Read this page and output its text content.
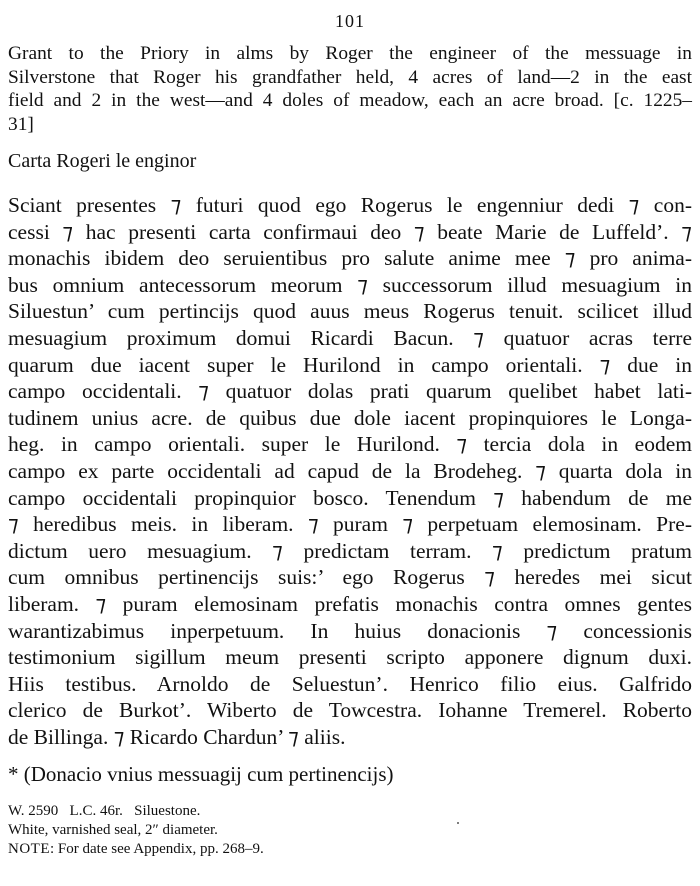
101
Grant to the Priory in alms by Roger the engineer of the messuage in
Silverstone that Roger his grandfather held, 4 acres of land—2 in the east
field and 2 in the west—and 4 doles of meadow, each an acre broad. [c. 1225–
31]
Carta Rogeri le enginor
Sciant presentes ⁊ futuri quod ego Rogerus le engenniur dedi ⁊ con-
cessi ⁊ hac presenti carta confirmaui deo ⁊ beate Marie de Luffeld’. ⁊
monachis ibidem deo seruientibus pro salute anime mee ⁊ pro anima-
bus omnium antecessorum meorum ⁊ successorum illud mesuagium in
Siluestun’ cum pertincijs quod auus meus Rogerus tenuit. scilicet illud
mesuagium proximum domui Ricardi Bacun. ⁊ quatuor acras terre
quarum due iacent super le Hurilond in campo orientali. ⁊ due in
campo occidentali. ⁊ quatuor dolas prati quarum quelibet habet lati-
tudinem unius acre. de quibus due dole iacent propinquiores le Longa-
heg. in campo orientali. super le Hurilond. ⁊ tercia dola in eodem
campo ex parte occidentali ad capud de la Brodeheg. ⁊ quarta dola in
campo occidentali propinquior bosco. Tenendum ⁊ habendum de me
⁊ heredibus meis. in liberam. ⁊ puram ⁊ perpetuam elemosinam. Pre-
dictum uero mesuagium. ⁊ predictam terram. ⁊ predictum pratum
cum omnibus pertinencijs suis:’ ego Rogerus ⁊ heredes mei sicut
liberam. ⁊ puram elemosinam prefatis monachis contra omnes gentes
warantizabimus inperpetuum. In huius donacionis ⁊ concessionis
testimonium sigillum meum presenti scripto apponere dignum duxi.
Hiis testibus. Arnoldo de Seluestun’. Henrico filio eius. Galfrido
clerico de Burkot’. Wiberto de Towcestra. Iohanne Tremerel. Roberto
de Billinga. ⁊ Ricardo Chardun’ ⁊ aliis.
* (Donacio vnius messuagij cum pertinencijs)
W. 2590   L.C. 46r.   Siluestone.
White, varnished seal, 2″ diameter.
NOTE: For date see Appendix, pp. 268–9.
